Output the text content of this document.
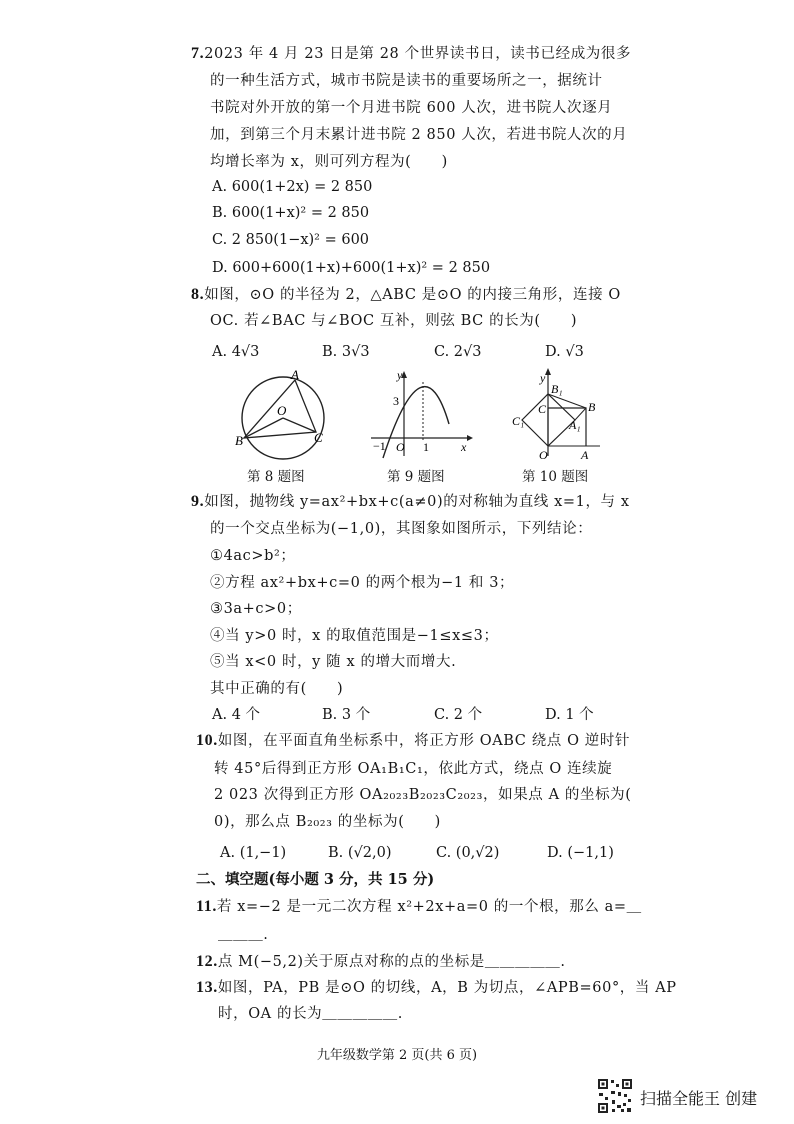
7.2023 年 4 月 23 日是第 28 个世界读书日，读书已经成为很多
的一种生活方式，城市书院是读书的重要场所之一，据统计
书院对外开放的第一个月进书院 600 人次，进书院人次逐月
加，到第三个月末累计进书院 2 850 人次，若进书院人次的月
均增长率为 x，则可列方程为(　　)
A. 600(1+2x) = 2 850
B. 600(1+x)² = 2 850
C. 2 850(1−x)² = 600
D. 600+600(1+x)+600(1+x)² = 2 850
8.如图，⊙O 的半径为 2，△ABC 是⊙O 的内接三角形，连接 O
OC. 若∠BAC 与∠BOC 互补，则弦 BC 的长为(　　)
A. 4√3	B. 3√3	C. 2√3	D. √3
A
B	C
O
y
x
3
−1 O 1
y
B₁
B
C
C₁	A₁
O	A
第 8 题图	第 9 题图	第 10 题图
9.如图，抛物线 y=ax²+bx+c(a≠0)的对称轴为直线 x=1，与 x
的一个交点坐标为(−1,0)，其图象如图所示，下列结论：
①4ac>b²；
②方程 ax²+bx+c=0 的两个根为−1 和 3；
③3a+c>0；
④当 y>0 时，x 的取值范围是−1≤x≤3；
⑤当 x<0 时，y 随 x 的增大而增大.
其中正确的有(　　)
A. 4 个	B. 3 个	C. 2 个	D. 1 个
10.如图，在平面直角坐标系中，将正方形 OABC 绕点 O 逆时针
转 45°后得到正方形 OA₁B₁C₁，依此方式，绕点 O 连续旋
2 023 次得到正方形 OA₂₀₂₃B₂₀₂₃C₂₀₂₃，如果点 A 的坐标为(
0)，那么点 B₂₀₂₃ 的坐标为(　　)
A. (1,−1)	B. (√2,0)	C. (0,√2)	D. (−1,1)
二、填空题(每小题 3 分，共 15 分)
11.若 x=−2 是一元二次方程 x²+2x+a=0 的一个根，那么 a=＿
＿＿＿.
12.点 M(−5,2)关于原点对称的点的坐标是＿＿＿＿＿.
13.如图，PA，PB 是⊙O 的切线，A，B 为切点，∠APB=60°，当 AP
时，OA 的长为＿＿＿＿＿.
九年级数学第 2 页(共 6 页)
扫描全能王 创建
